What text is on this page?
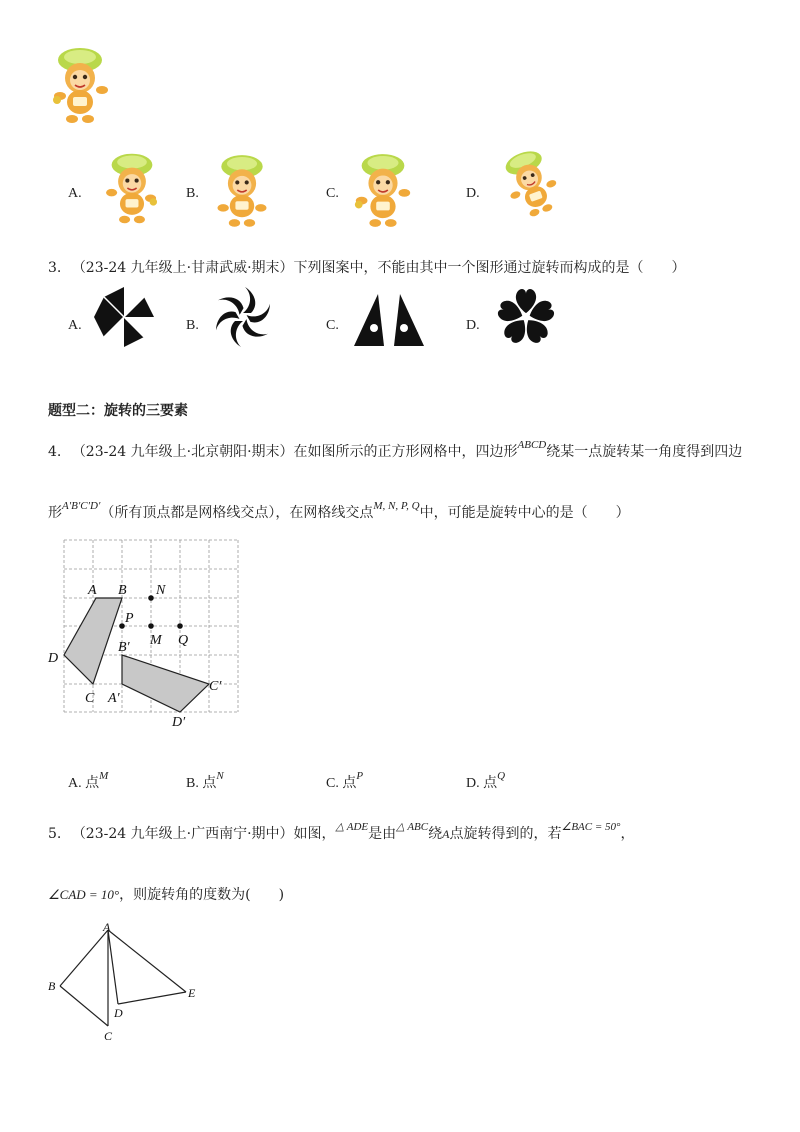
A.	B.	C.	D.
3. （23-24 九年级上·甘肃武威·期末）下列图案中，不能由其中一个图形通过旋转而构成的是（　　）
A.	B.	C.	D.
题型二：旋转的三要素
4. （23-24 九年级上·北京朝阳·期末）在如图所示的正方形网格中，四边形$^{ABCD}$绕某一点旋转某一角度得到四边
形$^{A'B'C'D'}$（所有顶点都是网格线交点），在网格线交点$^{M, N, P, Q}$中，可能是旋转中心的是（　　）
A B
C
D
A′
B′
C′
D′
N
P
M Q
A. 点$^M$	B. 点$^N$	C. 点$^P$	D. 点$^Q$
5. （23-24 九年级上·广西南宁·期中）如图，$^{\triangle ADE}$是由$^{\triangle ABC}$绕A点旋转得到的，若$^{\angle BAC = 50^\circ}$，
∠CAD = 10°，则旋转角的度数为(　　)
A
B
C
D
E
